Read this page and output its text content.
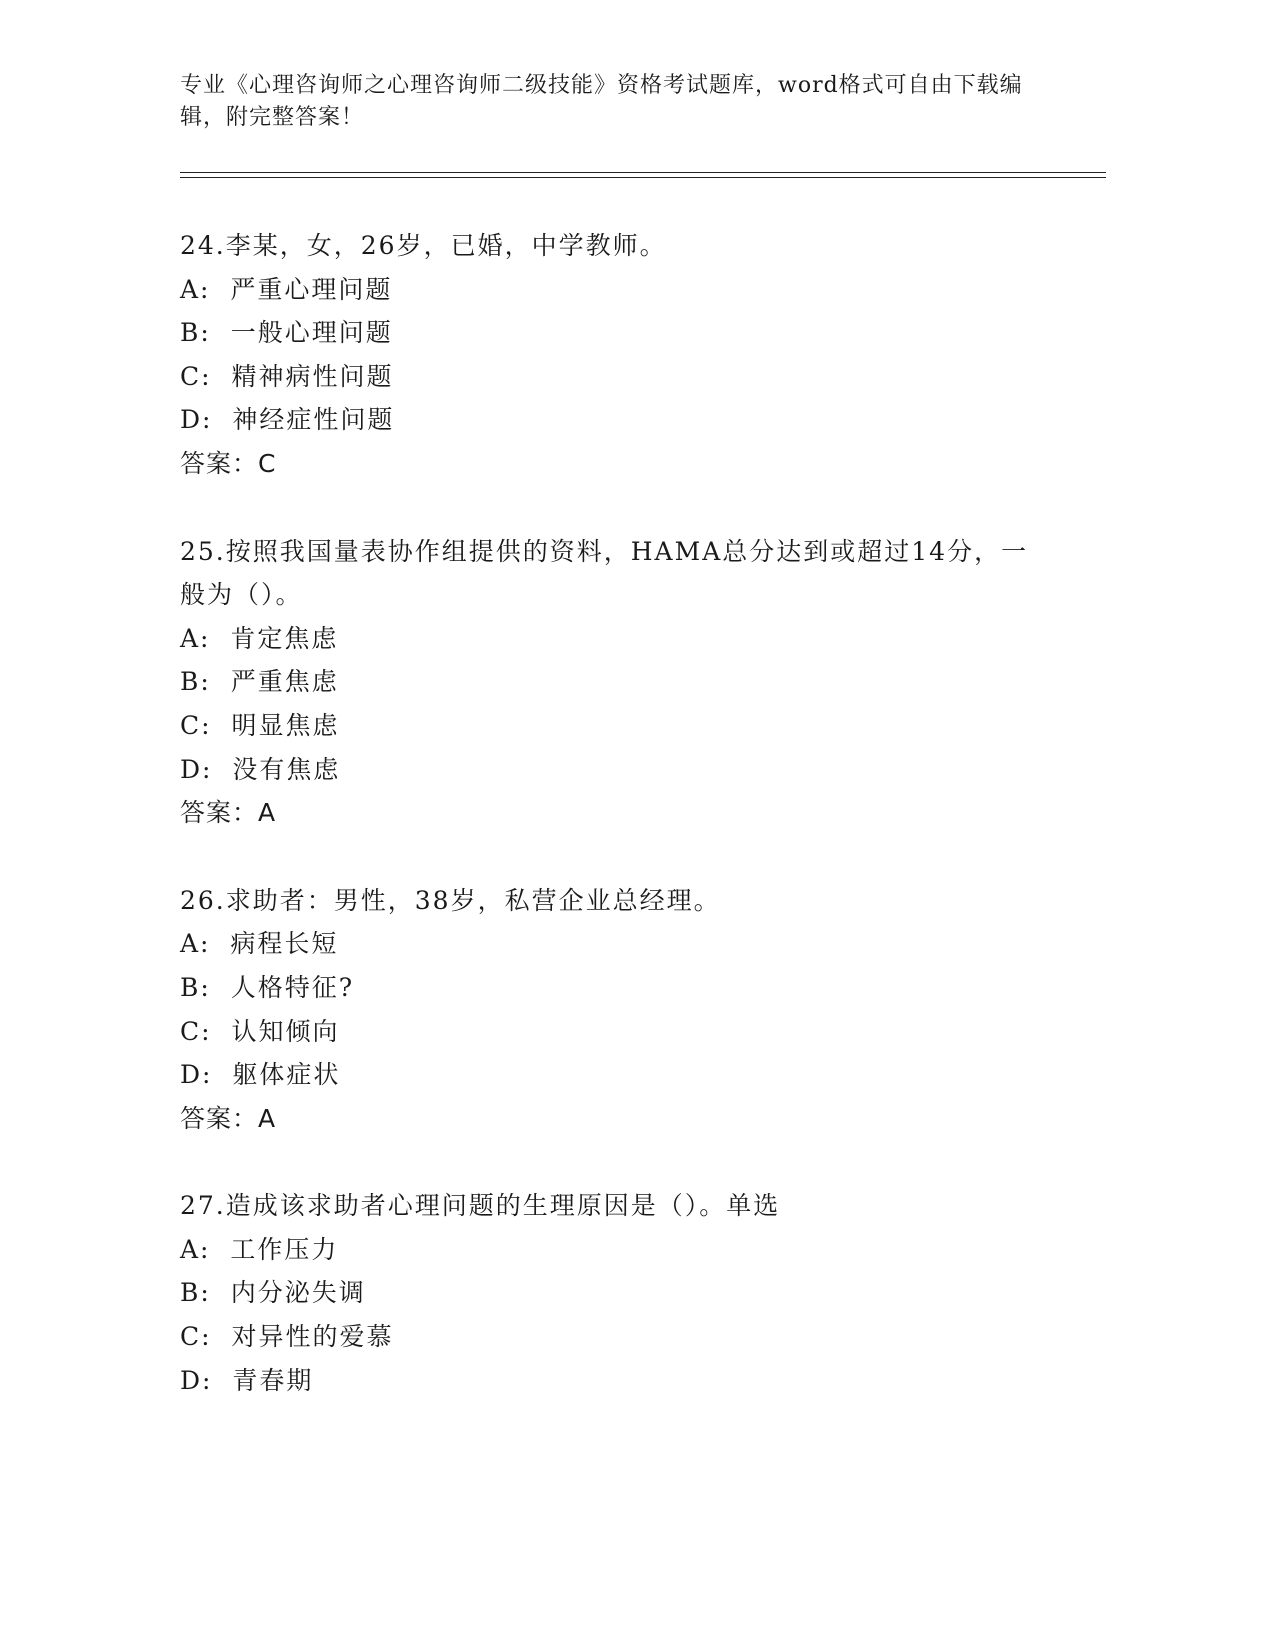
专业《心理咨询师之心理咨询师二级技能》资格考试题库，word格式可自由下载编辑，附完整答案！
24.李某，女，26岁，已婚，中学教师。
A:  严重心理问题
B:  一般心理问题
C:  精神病性问题
D:  神经症性问题
答案：C
25.按照我国量表协作组提供的资料，HAMA总分达到或超过14分，一般为（）。
A:  肯定焦虑
B:  严重焦虑
C:  明显焦虑
D:  没有焦虑
答案：A
26.求助者：男性，38岁，私营企业总经理。
A:  病程长短
B:  人格特征?
C:  认知倾向
D:  躯体症状
答案：A
27.造成该求助者心理问题的生理原因是（）。单选
A:  工作压力
B:  内分泌失调
C:  对异性的爱慕
D:  青春期
